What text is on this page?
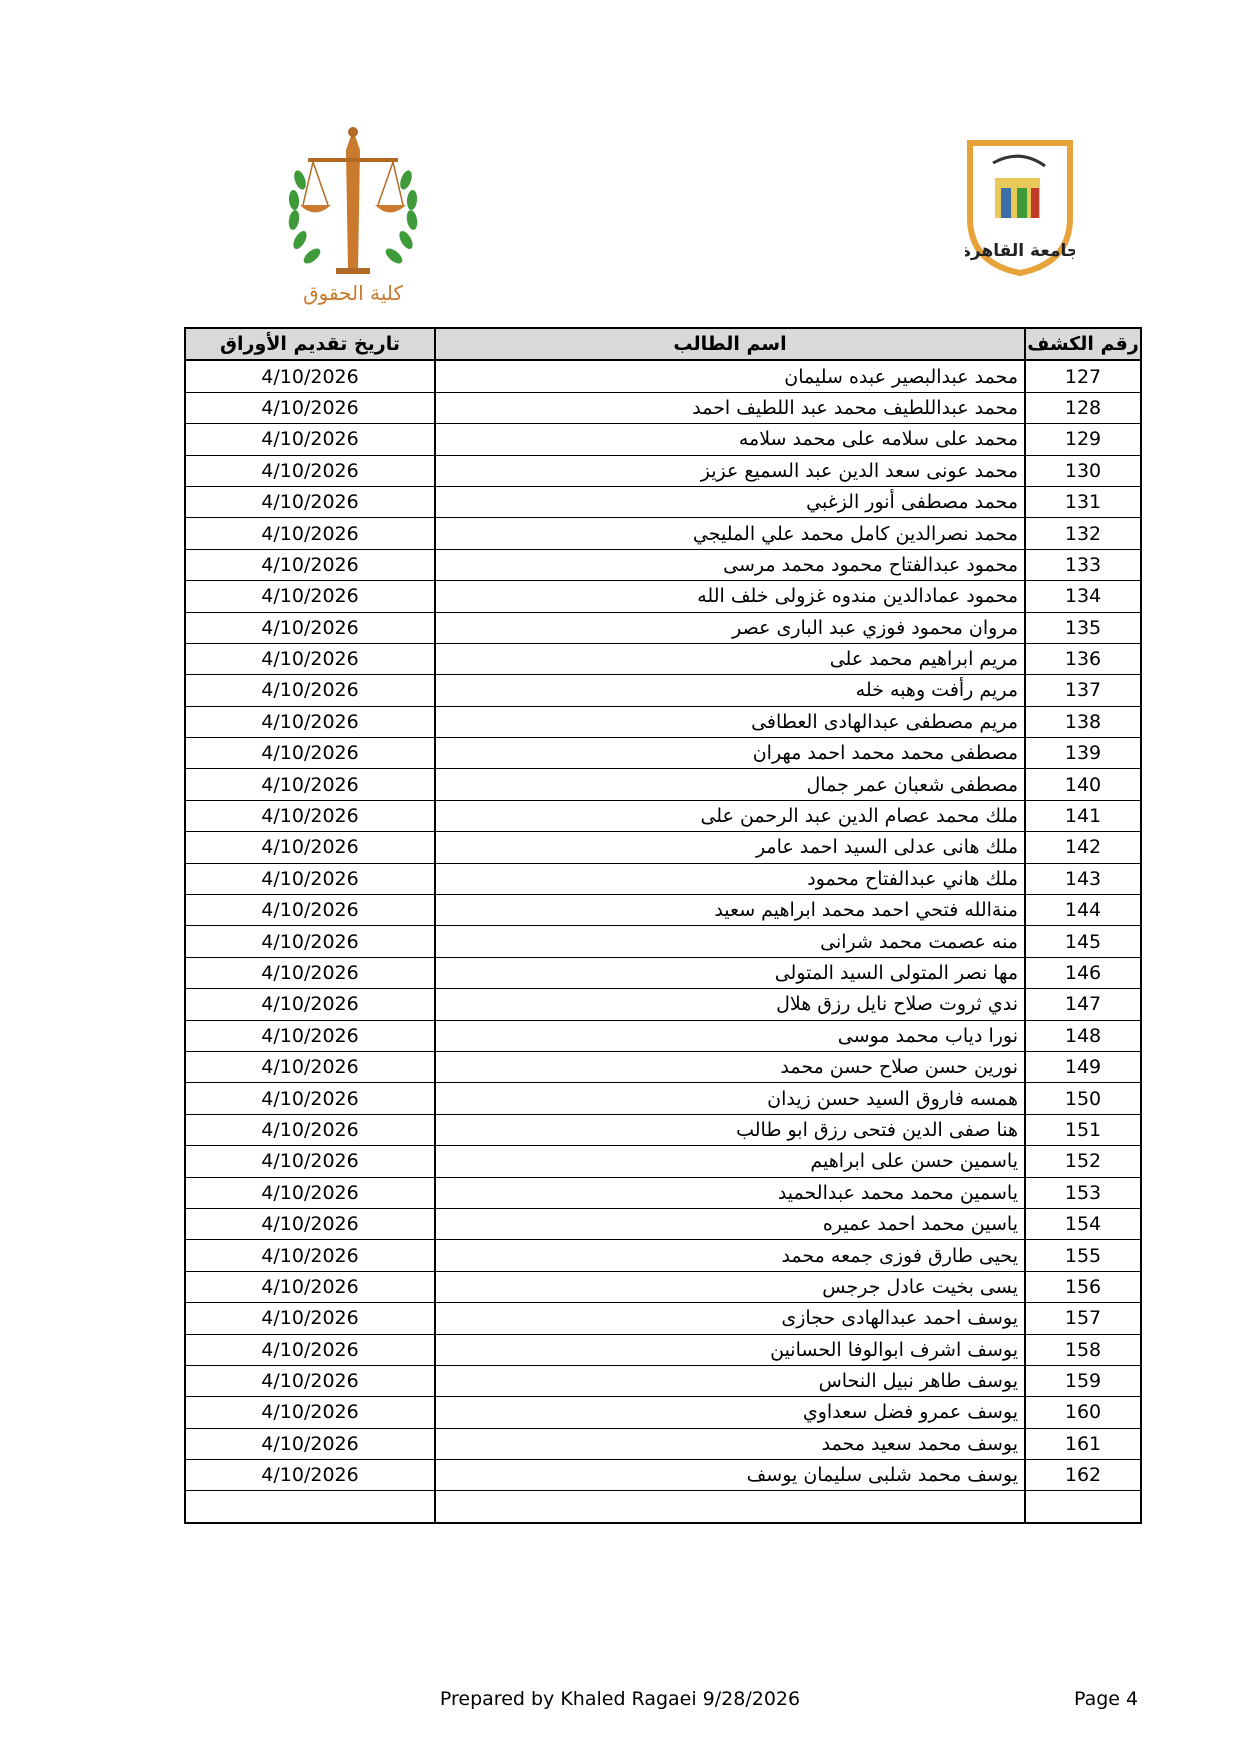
كلية الحقوق
جامعة القاهرة
تاريخ تقديم الأوراق	اسم الطالب	رقم الكشف
4/10/2026	محمد عبدالبصير عبده سليمان	127
4/10/2026	محمد عبداللطيف محمد عبد اللطيف احمد	128
4/10/2026	محمد على سلامه على محمد سلامه	129
4/10/2026	محمد عونى سعد الدين عبد السميع عزيز	130
4/10/2026	محمد مصطفى أنور الزغبي	131
4/10/2026	محمد نصرالدين كامل محمد علي المليجي	132
4/10/2026	محمود عبدالفتاح محمود محمد مرسى	133
4/10/2026	محمود عمادالدين مندوه غزولى خلف الله	134
4/10/2026	مروان محمود فوزي عبد البارى عصر	135
4/10/2026	مريم ابراهيم محمد على	136
4/10/2026	مريم رأفت وهبه خله	137
4/10/2026	مريم مصطفى عبدالهادى العطافى	138
4/10/2026	مصطفى محمد محمد احمد مهران	139
4/10/2026	مصطفى شعبان عمر جمال	140
4/10/2026	ملك محمد عصام الدين عبد الرحمن على	141
4/10/2026	ملك هانى عدلى السيد احمد عامر	142
4/10/2026	ملك هاني عبدالفتاح محمود	143
4/10/2026	منةالله فتحي احمد محمد ابراهيم سعيد	144
4/10/2026	منه عصمت محمد شرانى	145
4/10/2026	مها نصر المتولى السيد المتولى	146
4/10/2026	ندي ثروت صلاح نايل رزق هلال	147
4/10/2026	نورا دياب محمد موسى	148
4/10/2026	نورين حسن صلاح حسن محمد	149
4/10/2026	همسه فاروق السيد حسن زيدان	150
4/10/2026	هنا صفى الدين فتحى رزق ابو طالب	151
4/10/2026	ياسمين حسن على ابراهيم	152
4/10/2026	ياسمين محمد محمد عبدالحميد	153
4/10/2026	ياسين محمد احمد عميره	154
4/10/2026	يحيى طارق فوزى جمعه محمد	155
4/10/2026	يسى بخيت عادل جرجس	156
4/10/2026	يوسف احمد عبدالهادى حجازى	157
4/10/2026	يوسف اشرف ابوالوفا الحسانين	158
4/10/2026	يوسف طاهر نبيل النحاس	159
4/10/2026	يوسف عمرو فضل سعداوي	160
4/10/2026	يوسف محمد سعيد محمد	161
4/10/2026	يوسف محمد شلبى سليمان يوسف	162

Prepared by Khaled Ragaei 9/28/2026	Page 4
